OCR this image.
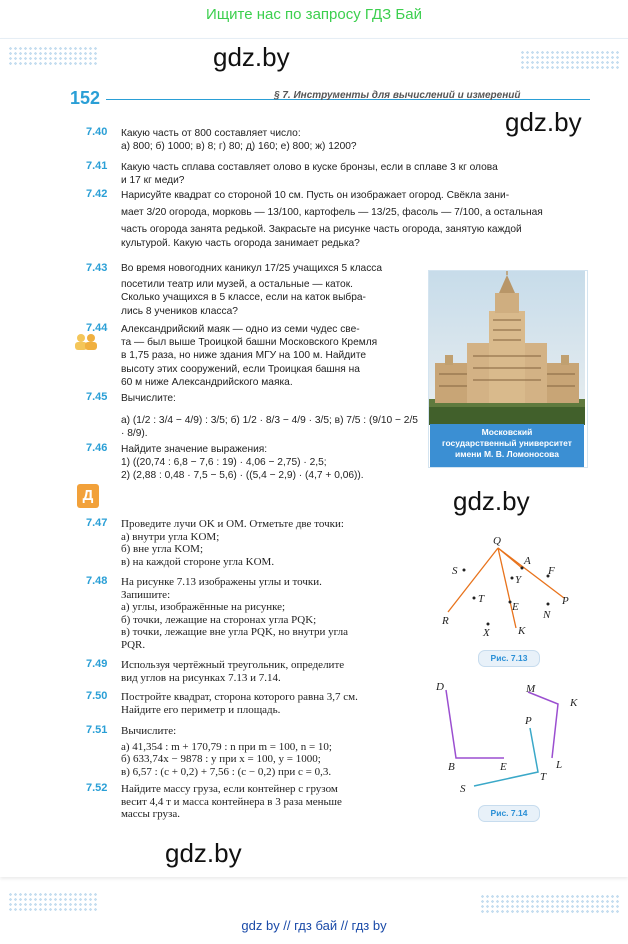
Ищите нас по запросу ГДЗ Бай
gdz.by
gdz.by
gdz.by
gdz.by
152	§ 7. Инструменты для вычислений и измерений
7.40 Какую часть от 800 составляет число:
а) 800; б) 1000; в) 8; г) 80; д) 160; е) 800; ж) 1200?
7.41 Какую часть сплава составляет олово в куске бронзы, если в сплаве 3 кг олова
и 17 кг меди?
7.42 Нарисуйте квадрат со стороной 10 см. Пусть он изображает огород. Свёкла зани-
мает 3/20 огорода, морковь — 13/100, картофель — 13/25, фасоль — 7/100, а остальная
часть огорода занята редькой. Закрасьте на рисунке часть огорода, занятую каждой
культурой. Какую часть огорода занимает редька?
7.43 Во время новогодних каникул 17/25 учащихся 5 класса
посетили театр или музей, а остальные — каток.
Сколько учащихся в 5 классе, если на каток выбра-
лись 8 учеников класса?
7.44 Александрийский маяк — одно из семи чудес све-
та — был выше Троицкой башни Московского Кремля
в 1,75 раза, но ниже здания МГУ на 100 м. Найдите
высоту этих сооружений, если Троицкая башня на
60 м ниже Александрийского маяка.
7.45 Вычислите:
а) (1/2 : 3/4 − 4/9) : 3/5; б) 1/2 · 8/3 − 4/9 · 3/5; в) 7/5 : (9/10 − 2/5 · 8/9).
7.46 Найдите значение выражения:
1) ((20,74 : 6,8 − 7,6 : 19) · 4,06 − 2,75) · 2,5;
2) (2,88 : 0,48 · 7,5 − 5,6) · ((5,4 − 2,9) · (4,7 + 0,06)).
Московский
государственный университет
имени М. В. Ломоносова
Д
7.47 Проведите лучи OK и OM. Отметьте две точки:
а) внутри угла KOM;
б) вне угла KOM;
в) на каждой стороне угла KOM.
7.48 На рисунке 7.13 изображены углы и точки.
Запишите:
а) углы, изображённые на рисунке;
б) точки, лежащие на сторонах угла PQK;
в) точки, лежащие вне угла PQK, но внутри угла
PQR.
7.49 Используя чертёжный треугольник, определите
вид углов на рисунках 7.13 и 7.14.
7.50 Постройте квадрат, сторона которого равна 3,7 см.
Найдите его периметр и площадь.
7.51 Вычислите:
а) 41,354 : m + 170,79 : n при m = 100, n = 10;
б) 633,74x − 9878 : y при x = 100, y = 1000;
в) 6,57 : (c + 0,2) + 7,56 : (c − 0,2) при c = 0,3.
7.52 Найдите массу груза, если контейнер с грузом
весит 4,4 т и масса контейнера в 3 раза меньше
массы груза.
Q
S
A
F
Y
T	P
E
N
R
X	K
Рис. 7.13
D	M
K
P
B	E	L
T
S
Рис. 7.14
gdz by // гдз бай // гдз by
